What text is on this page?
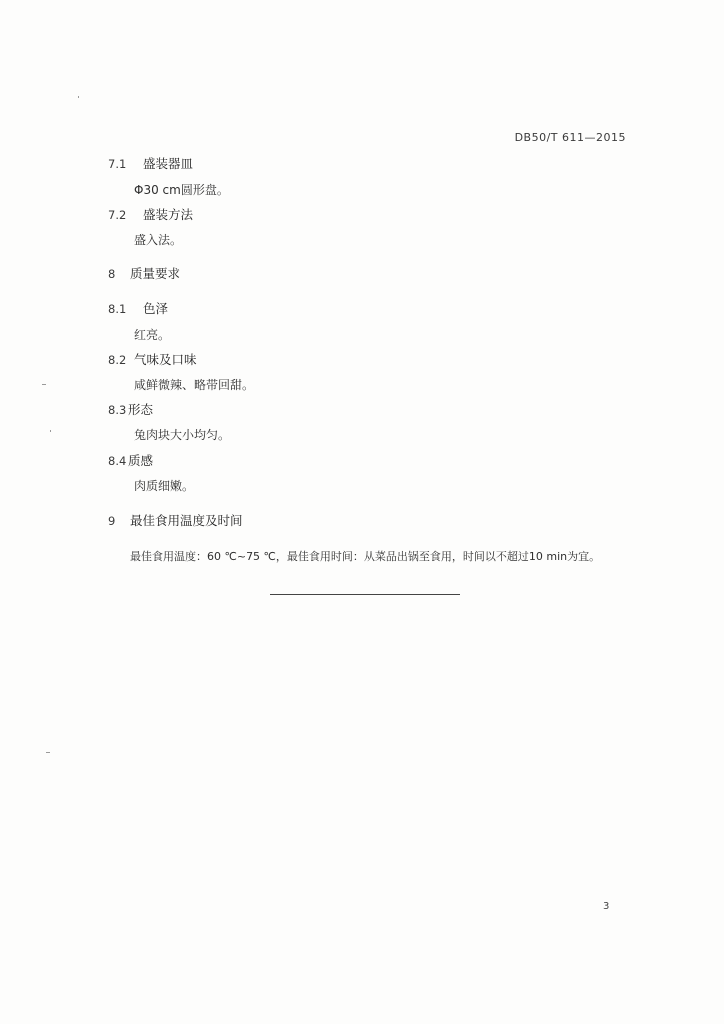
DB50/T 611—2015
7.1 盛装器皿
Φ30 cm圆形盘。
7.2 盛装方法
盛入法。
8 质量要求
8.1 色泽
红亮。
8.2 气味及口味
咸鲜微辣、略带回甜。
8.3 形态
兔肉块大小均匀。
8.4 质感
肉质细嫩。
9 最佳食用温度及时间
最佳食用温度：60 ℃~75 ℃，最佳食用时间：从菜品出锅至食用，时间以不超过10 min为宜。
3
